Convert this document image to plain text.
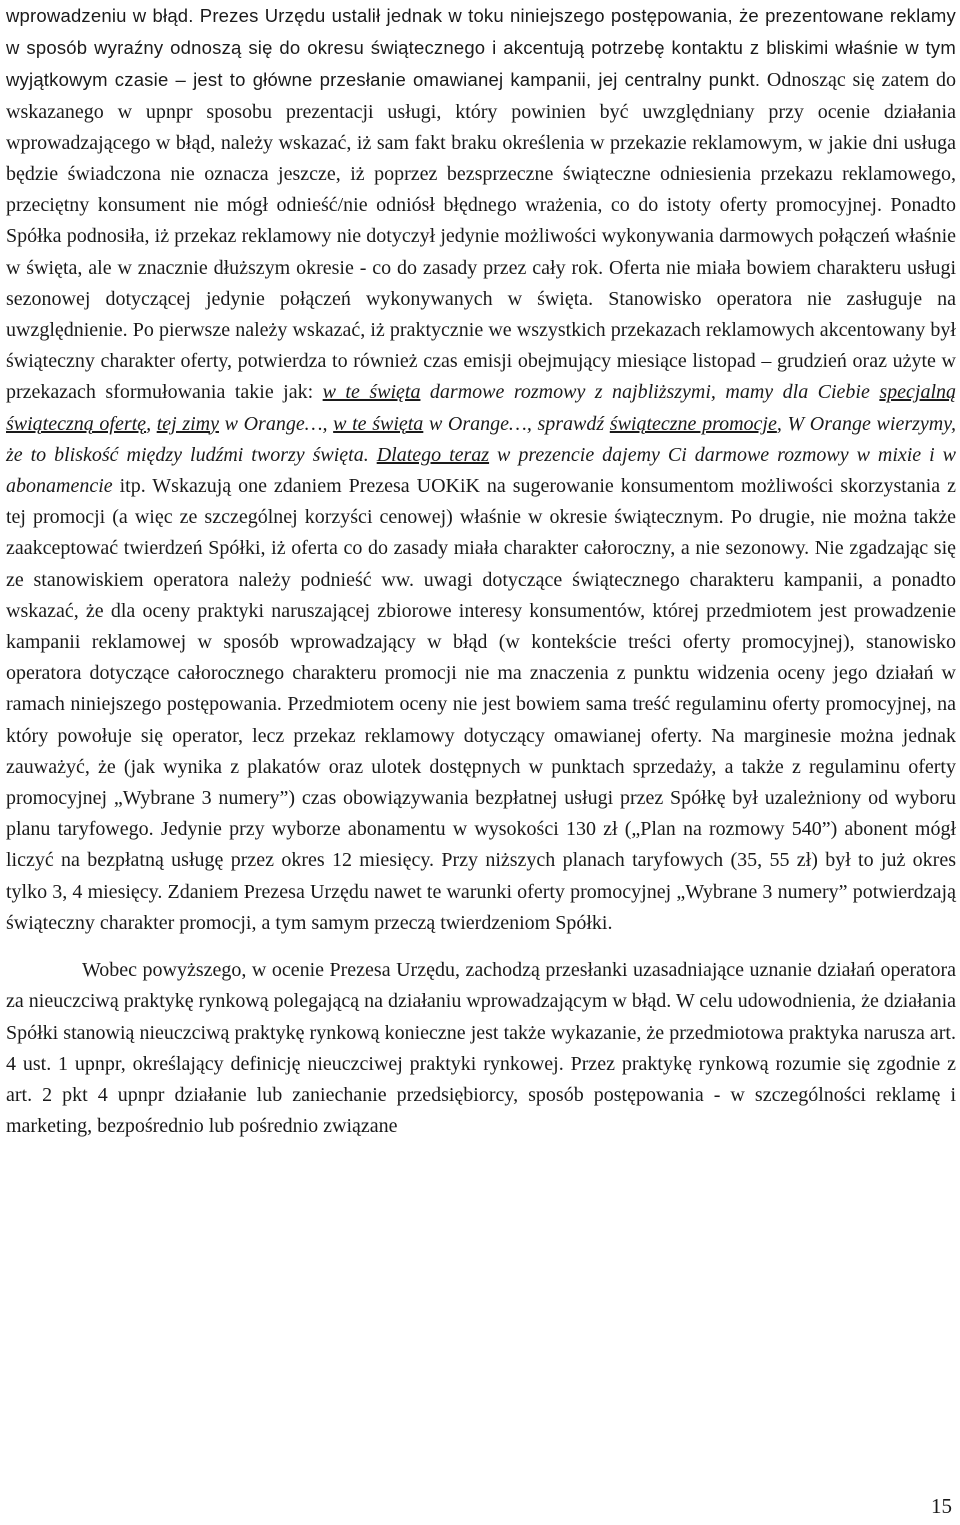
wprowadzeniu w błąd. Prezes Urzędu ustalił jednak w toku niniejszego postępowania, że prezentowane reklamy w sposób wyraźny odnoszą się do okresu świątecznego i akcentują potrzebę kontaktu z bliskimi właśnie w tym wyjątkowym czasie – jest to główne przesłanie omawianej kampanii, jej centralny punkt. Odnosząc się zatem do wskazanego w upnpr sposobu prezentacji usługi, który powinien być uwzględniany przy ocenie działania wprowadzającego w błąd, należy wskazać, iż sam fakt braku określenia w przekazie reklamowym, w jakie dni usługa będzie świadczona nie oznacza jeszcze, iż poprzez bezsprzeczne świąteczne odniesienia przekazu reklamowego, przeciętny konsument nie mógł odnieść/nie odniósł błędnego wrażenia, co do istoty oferty promocyjnej. Ponadto Spółka podnosiła, iż przekaz reklamowy nie dotyczył jedynie możliwości wykonywania darmowych połączeń właśnie w święta, ale w znacznie dłuższym okresie - co do zasady przez cały rok. Oferta nie miała bowiem charakteru usługi sezonowej dotyczącej jedynie połączeń wykonywanych w święta. Stanowisko operatora nie zasługuje na uwzględnienie. Po pierwsze należy wskazać, iż praktycznie we wszystkich przekazach reklamowych akcentowany był świąteczny charakter oferty, potwierdza to również czas emisji obejmujący miesiące listopad – grudzień oraz użyte w przekazach sformułowania takie jak: w te święta darmowe rozmowy z najbliższymi, mamy dla Ciebie specjalną świąteczną ofertę, tej zimy w Orange…, w te święta w Orange…, sprawdź świąteczne promocje, W Orange wierzymy, że to bliskość między ludźmi tworzy święta. Dlatego teraz w prezencie dajemy Ci darmowe rozmowy w mixie i w abonamencie itp. Wskazują one zdaniem Prezesa UOKiK na sugerowanie konsumentom możliwości skorzystania z tej promocji (a więc ze szczególnej korzyści cenowej) właśnie w okresie świątecznym. Po drugie, nie można także zaakceptować twierdzeń Spółki, iż oferta co do zasady miała charakter całoroczny, a nie sezonowy. Nie zgadzając się ze stanowiskiem operatora należy podnieść ww. uwagi dotyczące świątecznego charakteru kampanii, a ponadto wskazać, że dla oceny praktyki naruszającej zbiorowe interesy konsumentów, której przedmiotem jest prowadzenie kampanii reklamowej w sposób wprowadzający w błąd (w kontekście treści oferty promocyjnej), stanowisko operatora dotyczące całorocznego charakteru promocji nie ma znaczenia z punktu widzenia oceny jego działań w ramach niniejszego postępowania. Przedmiotem oceny nie jest bowiem sama treść regulaminu oferty promocyjnej, na który powołuje się operator, lecz przekaz reklamowy dotyczący omawianej oferty. Na marginesie można jednak zauważyć, że (jak wynika z plakatów oraz ulotek dostępnych w punktach sprzedaży, a także z regulaminu oferty promocyjnej „Wybrane 3 numery”) czas obowiązywania bezpłatnej usługi przez Spółkę był uzależniony od wyboru planu taryfowego. Jedynie przy wyborze abonamentu w wysokości 130 zł („Plan na rozmowy 540”) abonent mógł liczyć na bezpłatną usługę przez okres 12 miesięcy. Przy niższych planach taryfowych (35, 55 zł) był to już okres tylko 3, 4 miesięcy. Zdaniem Prezesa Urzędu nawet te warunki oferty promocyjnej „Wybrane 3 numery” potwierdzają świąteczny charakter promocji, a tym samym przeczą twierdzeniom Spółki.

Wobec powyższego, w ocenie Prezesa Urzędu, zachodzą przesłanki uzasadniające uznanie działań operatora za nieuczciwą praktykę rynkową polegającą na działaniu wprowadzającym w błąd. W celu udowodnienia, że działania Spółki stanowią nieuczciwą praktykę rynkową konieczne jest także wykazanie, że przedmiotowa praktyka narusza art. 4 ust. 1 upnpr, określający definicję nieuczciwej praktyki rynkowej. Przez praktykę rynkową rozumie się zgodnie z art. 2 pkt 4 upnpr działanie lub zaniechanie przedsiębiorcy, sposób postępowania - w szczególności reklamę i marketing, bezpośrednio lub pośrednio związane

15
